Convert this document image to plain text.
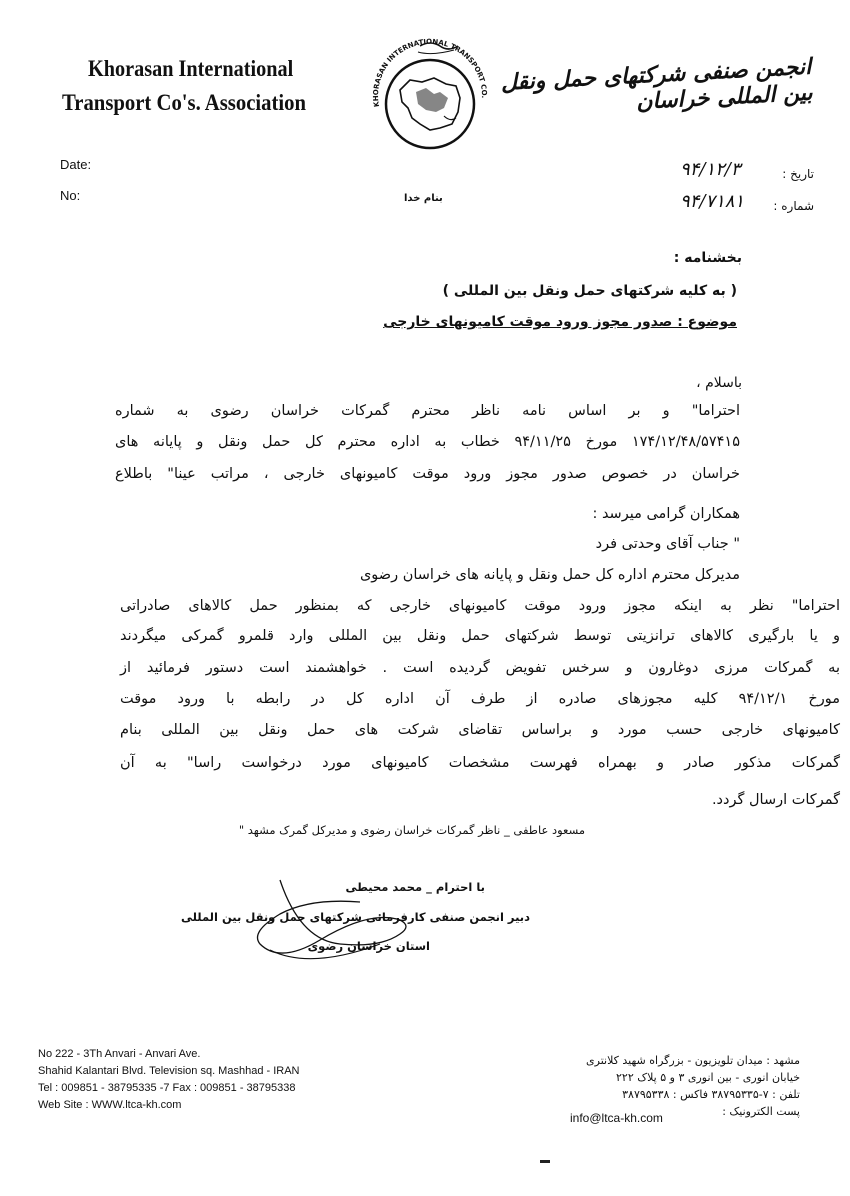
Khorasan International
Transport Co's. Association	KHORASAN INTERNATIONAL TRANSPORT CO.
انجمن صنفی شرکتهای حمل ونقل بین المللی خراسان
Date:
No:
تاریخ :
۹۴/۱۲/۳
شماره :
۹۴/۷۱۸۱
بنام خدا
بخشنامه :
( به کلیه شرکتهای حمل ونقل بین المللی )
موضوع : صدور مجوز ورود موقت کامیونهای خارجی
باسلام ،
احتراما" و بر اساس نامه ناظر محترم گمرکات خراسان رضوی به شماره
۱۷۴/۱۲/۴۸/۵۷۴۱۵ مورخ ۹۴/۱۱/۲۵ خطاب به اداره محترم کل حمل ونقل و پایانه های
خراسان در خصوص صدور مجوز ورود موقت کامیونهای خارجی ، مراتب عینا" باطلاع
همکاران گرامی میرسد :
" جناب آقای وحدتی فرد
مدیرکل محترم اداره کل حمل ونقل و پایانه های خراسان رضوی
احتراما" نظر به اینکه مجوز ورود موقت کامیونهای خارجی که بمنظور حمل کالاهای صادراتی
و یا بارگیری کالاهای ترانزیتی توسط شرکتهای حمل ونقل بین المللی وارد قلمرو گمرکی میگردند
به گمرکات مرزی دوغارون و سرخس تفویض گردیده است . خواهشمند است دستور فرمائید از
مورخ ۹۴/۱۲/۱ کلیه مجوزهای صادره از طرف آن اداره کل در رابطه با ورود موقت
کامیونهای خارجی حسب مورد و براساس تقاضای شرکت های حمل ونقل بین المللی بنام
گمرکات مذکور صادر و بهمراه فهرست مشخصات کامیونهای مورد درخواست راسا" به آن
گمرکات ارسال گردد.
مسعود عاطفی _ ناظر گمرکات خراسان رضوی و مدیرکل گمرک مشهد "
با احترام _ محمد محیطی
دبیر انجمن صنفی کارفرمائی شرکتهای حمل ونقل بین المللی
استان خراسان رضوی
No 222 - 3Th Anvari - Anvari Ave.
Shahid Kalantari Blvd. Television sq. Mashhad - IRAN
Tel : 009851 - 38795335 -7 Fax : 009851 - 38795338
Web Site : WWW.ltca-kh.com
مشهد : میدان تلویزیون - بزرگراه شهید کلانتری
خیابان انوری - بین انوری ۳ و ۵ پلاک ۲۲۲
تلفن : ۷-۳۸۷۹۵۳۳۵ فاکس : ۳۸۷۹۵۳۳۸
پست الکترونیک :
info@ltca-kh.com
